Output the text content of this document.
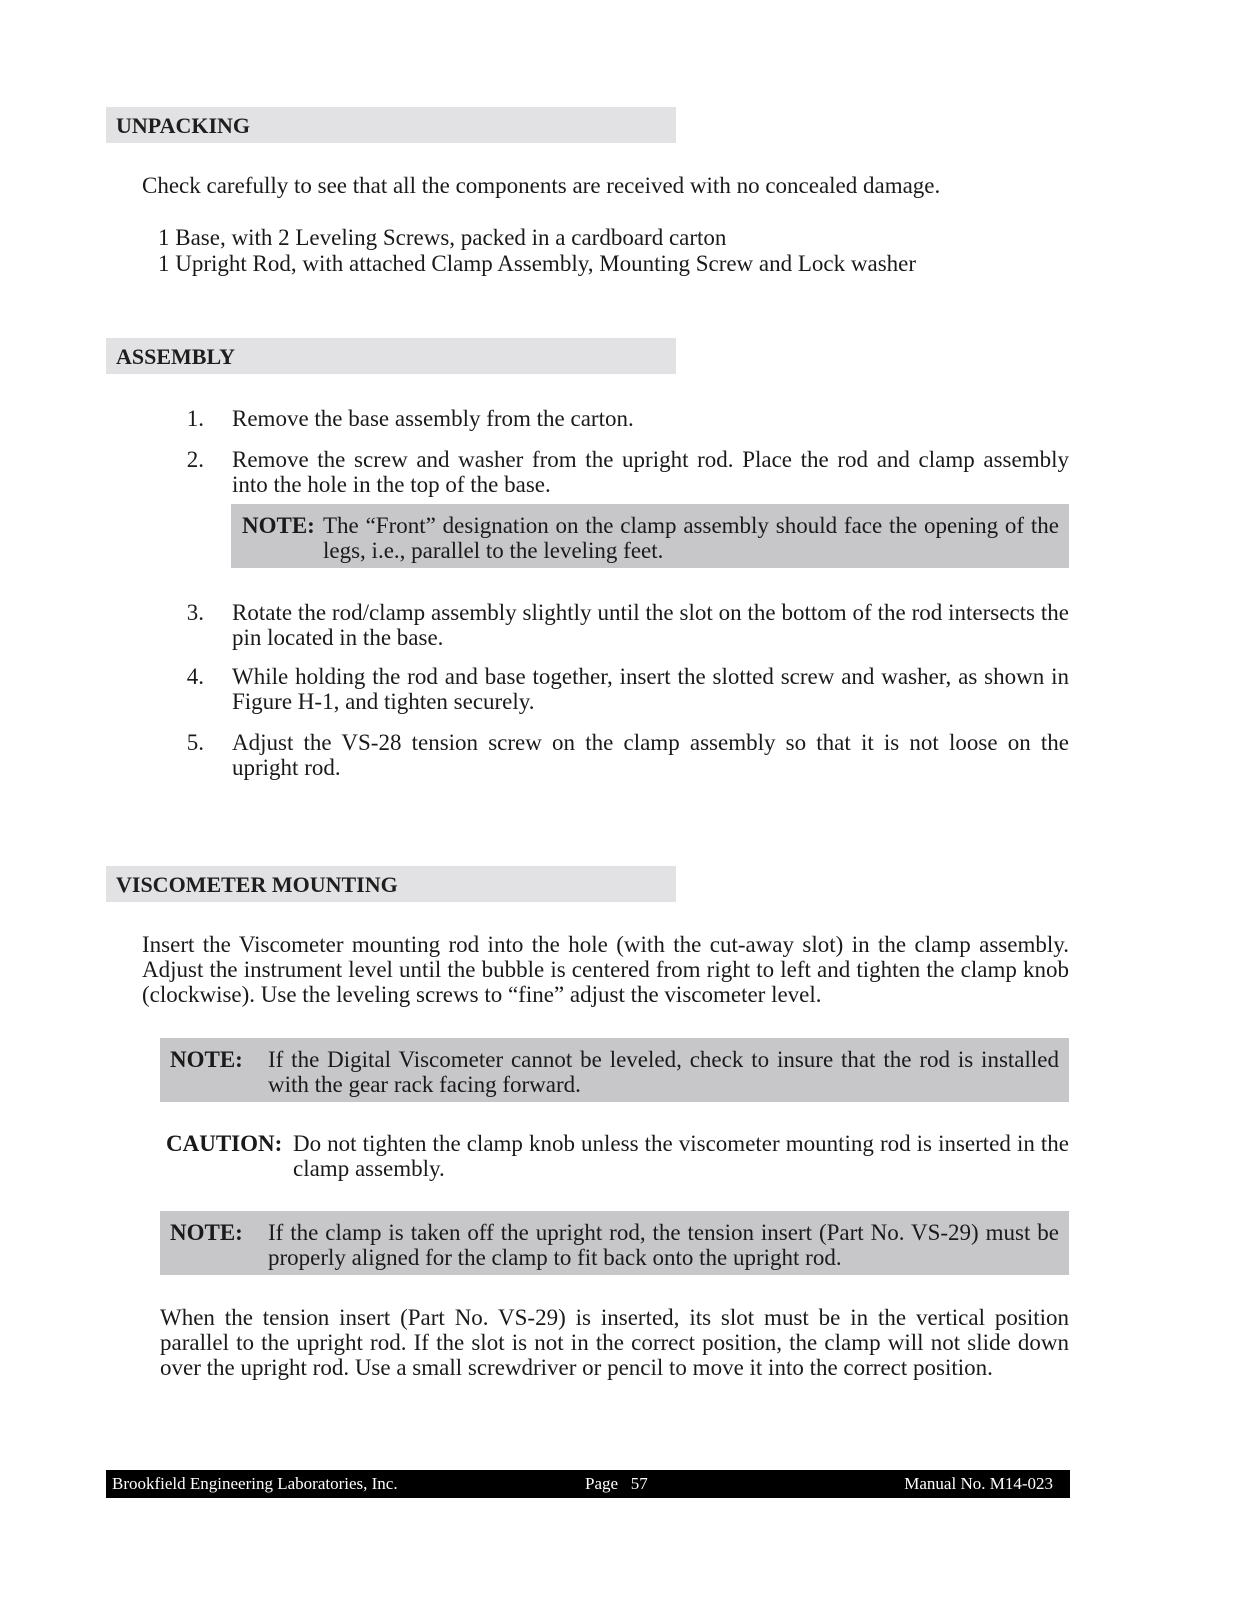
UNPACKING

Check carefully to see that all the components are received with no concealed damage.

1 Base, with 2 Leveling Screws, packed in a cardboard carton

1 Upright Rod, with attached Clamp Assembly, Mounting Screw and Lock washer

ASSEMBLY
1. Remove the base assembly from the carton.

2. Remove the screw and washer from the upright rod. Place the rod and clamp assembly into the hole in the top of the base.

NOTE: The “Front” designation on the clamp assembly should face the opening of the legs, i.e., parallel to the leveling feet.
3. Rotate the rod/clamp assembly slightly until the slot on the bottom of the rod intersects the pin located in the base.

4. While holding the rod and base together, insert the slotted screw and washer, as shown in Figure H-1, and tighten securely.

5. Adjust the VS-28 tension screw on the clamp assembly so that it is not loose on the upright rod.

VISCOMETER MOUNTING

Insert the Viscometer mounting rod into the hole (with the cut-away slot) in the clamp assembly. Adjust the instrument level until the bubble is centered from right to left and tighten the clamp knob (clockwise). Use the leveling screws to “fine” adjust the viscometer level.

NOTE: If the Digital Viscometer cannot be leveled, check to insure that the rod is installed with the gear rack facing forward.
CAUTION: Do not tighten the clamp knob unless the viscometer mounting rod is inserted in the clamp assembly.
NOTE: If the clamp is taken off the upright rod, the tension insert (Part No. VS-29) must be properly aligned for the clamp to fit back onto the upright rod.

When the tension insert (Part No. VS-29) is inserted, its slot must be in the vertical position parallel to the upright rod. If the slot is not in the correct position, the clamp will not slide down over the upright rod. Use a small screwdriver or pencil to move it into the correct position.

Brookfield Engineering Laboratories, Inc.	Page   57	Manual No. M14-023
